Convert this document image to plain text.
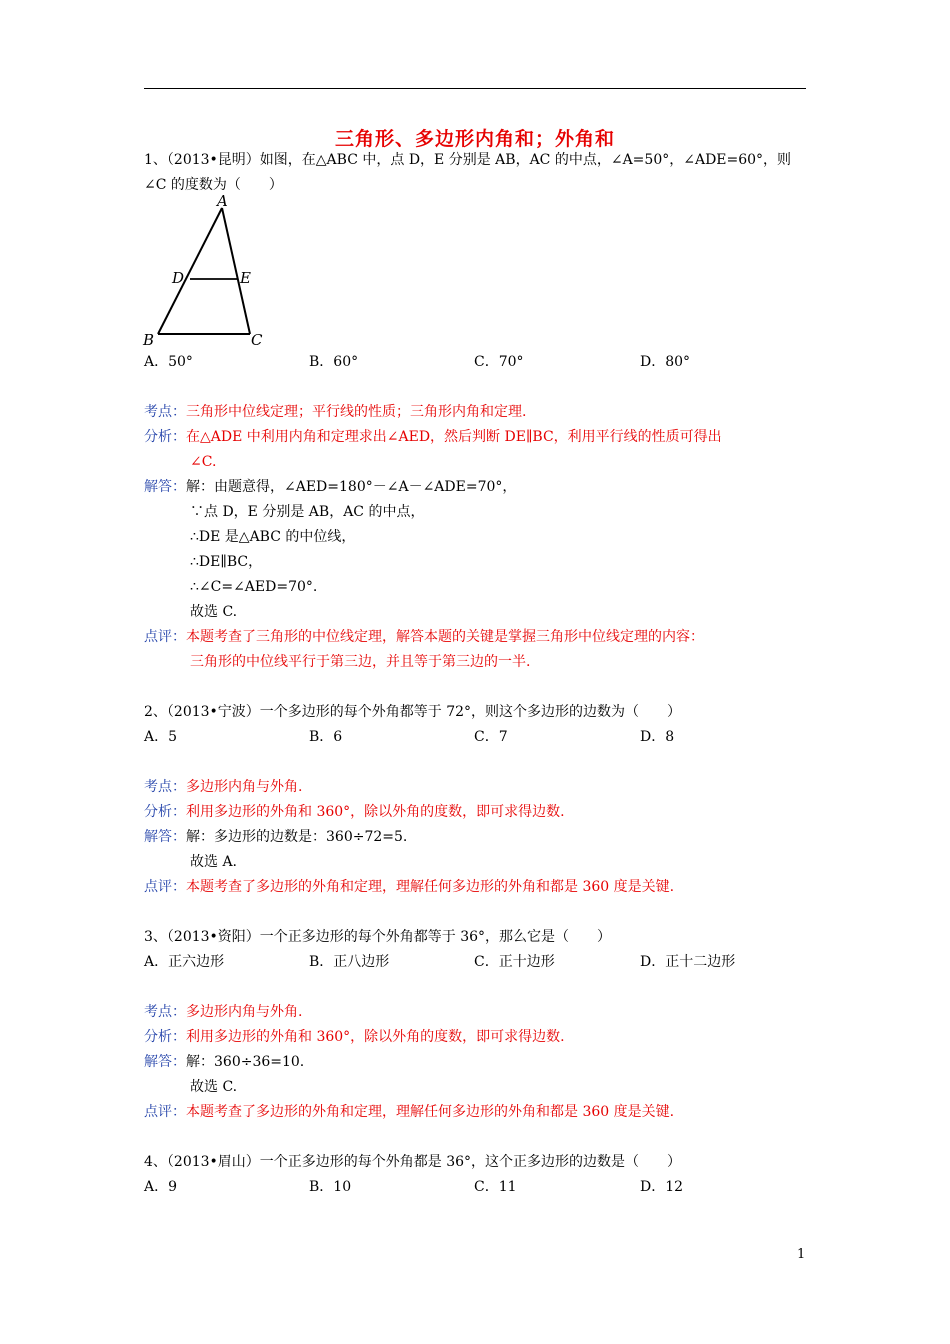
三角形、多边形内角和；外角和
1、（2013•昆明）如图，在△ABC 中，点 D，E 分别是 AB，AC 的中点，∠A=50°，∠ADE=60°，则
∠C 的度数为（　　）
A
B	C
D	E
A．50°	B．60°	C．70°	D．80°
考点：三角形中位线定理；平行线的性质；三角形内角和定理.
分析：在△ADE 中利用内角和定理求出∠AED，然后判断 DE∥BC，利用平行线的性质可得出
∠C.
解答：解：由题意得，∠AED=180°－∠A－∠ADE=70°，
∵点 D，E 分别是 AB，AC 的中点，
∴DE 是△ABC 的中位线，
∴DE∥BC，
∴∠C=∠AED=70°.
故选 C.
点评：本题考查了三角形的中位线定理，解答本题的关键是掌握三角形中位线定理的内容：
三角形的中位线平行于第三边，并且等于第三边的一半.
2、（2013•宁波）一个多边形的每个外角都等于 72°，则这个多边形的边数为（　　）
A．5	B．6	C．7	D．8
考点：多边形内角与外角.
分析：利用多边形的外角和 360°，除以外角的度数，即可求得边数.
解答：解：多边形的边数是：360÷72=5.
故选 A.
点评：本题考查了多边形的外角和定理，理解任何多边形的外角和都是 360 度是关键.
3、（2013•资阳）一个正多边形的每个外角都等于 36°，那么它是（　　）
A．正六边形	B．正八边形	C．正十边形	D．正十二边形
考点：多边形内角与外角.
分析：利用多边形的外角和 360°，除以外角的度数，即可求得边数.
解答：解：360÷36=10.
故选 C.
点评：本题考查了多边形的外角和定理，理解任何多边形的外角和都是 360 度是关键.
4、（2013•眉山）一个正多边形的每个外角都是 36°，这个正多边形的边数是（　　）
A．9	B．10	C．11	D．12
1
